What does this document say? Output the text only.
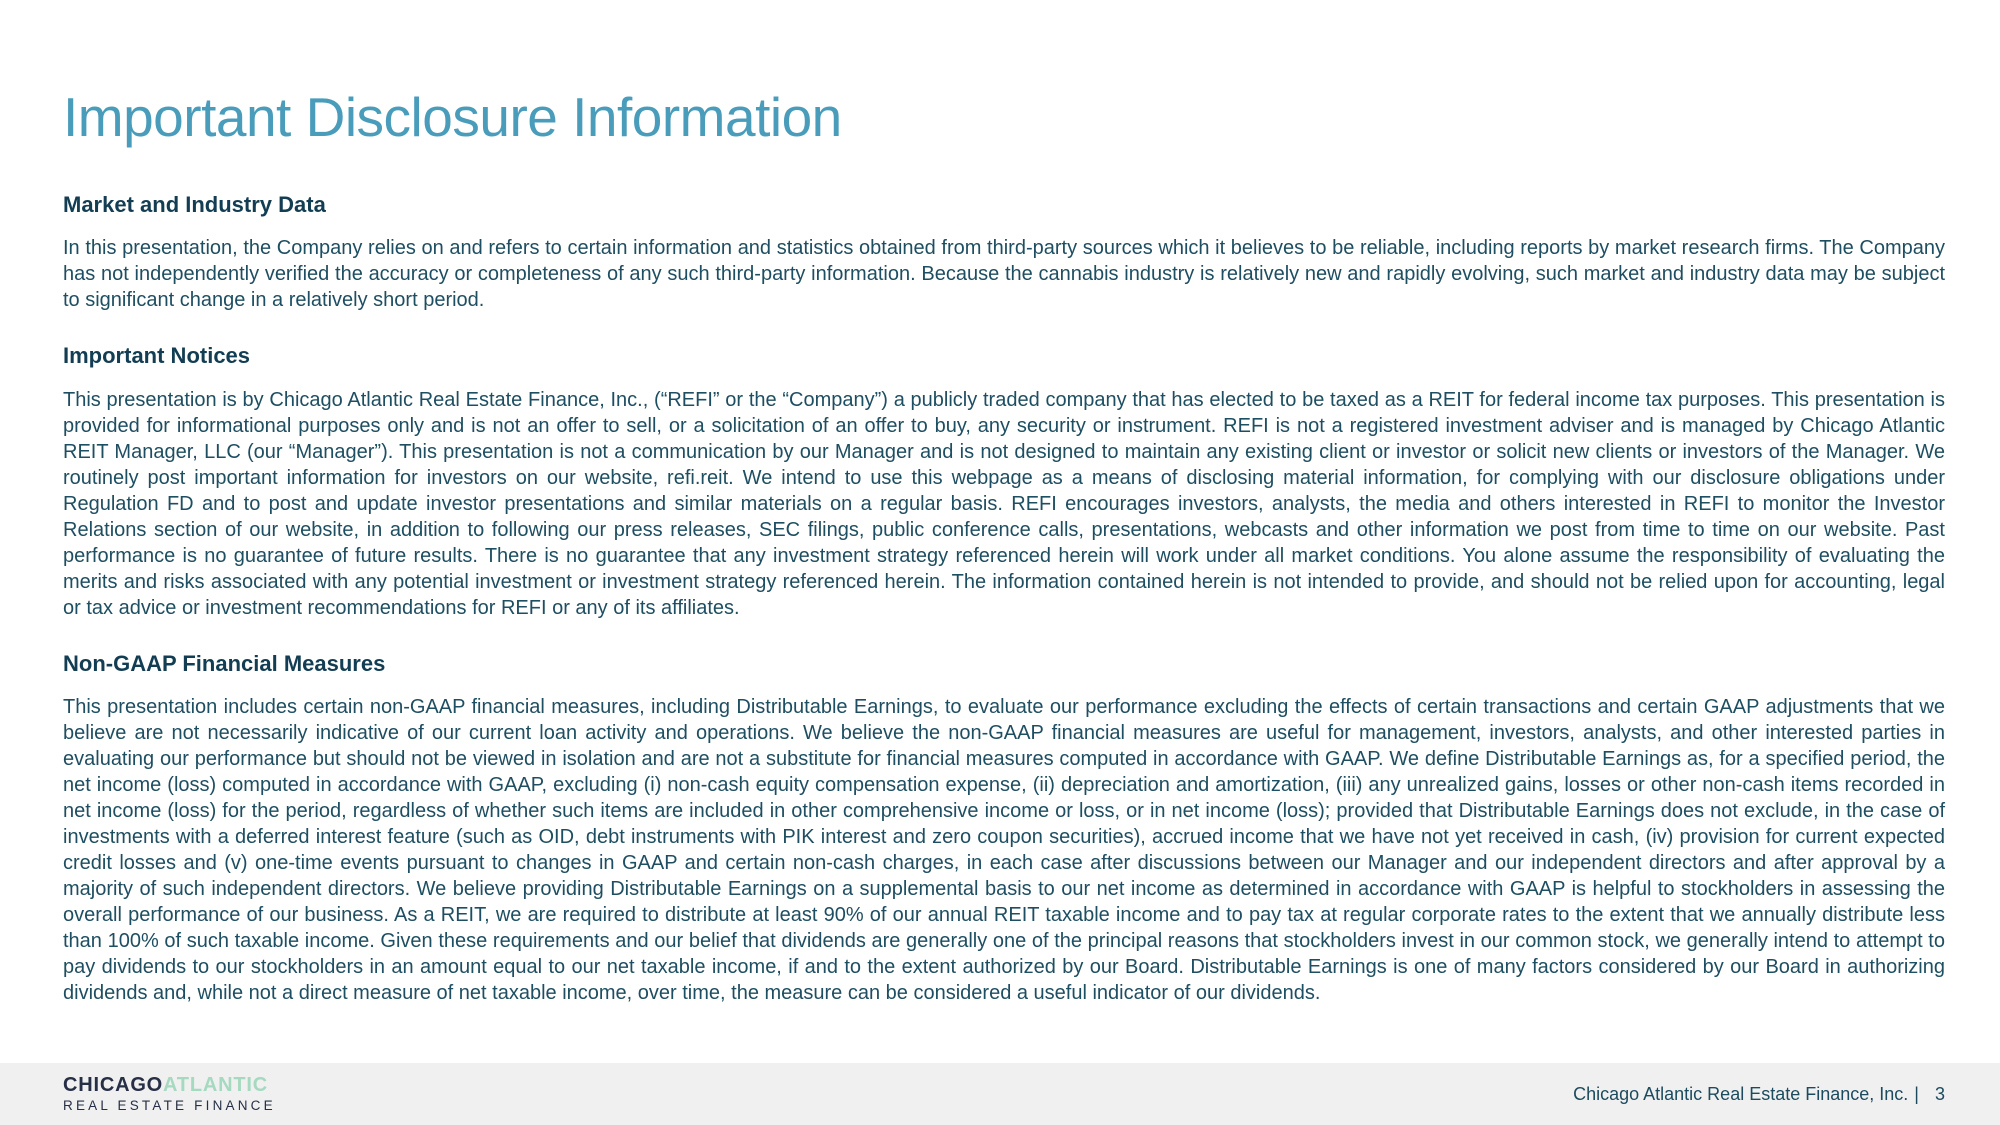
Important Disclosure Information
Market and Industry Data

In this presentation, the Company relies on and refers to certain information and statistics obtained from third-party sources which it believes to be reliable, including reports by market research firms. The Company has not independently verified the accuracy or completeness of any such third-party information. Because the cannabis industry is relatively new and rapidly evolving, such market and industry data may be subject to significant change in a relatively short period.

Important Notices

This presentation is by Chicago Atlantic Real Estate Finance, Inc., (“REFI” or the “Company”) a publicly traded company that has elected to be taxed as a REIT for federal income tax purposes. This presentation is provided for informational purposes only and is not an offer to sell, or a solicitation of an offer to buy, any security or instrument. REFI is not a registered investment adviser and is managed by Chicago Atlantic REIT Manager, LLC (our “Manager”). This presentation is not a communication by our Manager and is not designed to maintain any existing client or investor or solicit new clients or investors of the Manager. We routinely post important information for investors on our website, refi.reit. We intend to use this webpage as a means of disclosing material information, for complying with our disclosure obligations under Regulation FD and to post and update investor presentations and similar materials on a regular basis. REFI encourages investors, analysts, the media and others interested in REFI to monitor the Investor Relations section of our website, in addition to following our press releases, SEC filings, public conference calls, presentations, webcasts and other information we post from time to time on our website. Past performance is no guarantee of future results. There is no guarantee that any investment strategy referenced herein will work under all market conditions. You alone assume the responsibility of evaluating the merits and risks associated with any potential investment or investment strategy referenced herein. The information contained herein is not intended to provide, and should not be relied upon for accounting, legal or tax advice or investment recommendations for REFI or any of its affiliates.

Non-GAAP Financial Measures

This presentation includes certain non-GAAP financial measures, including Distributable Earnings, to evaluate our performance excluding the effects of certain transactions and certain GAAP adjustments that we believe are not necessarily indicative of our current loan activity and operations. We believe the non-GAAP financial measures are useful for management, investors, analysts, and other interested parties in evaluating our performance but should not be viewed in isolation and are not a substitute for financial measures computed in accordance with GAAP. We define Distributable Earnings as, for a specified period, the net income (loss) computed in accordance with GAAP, excluding (i) non-cash equity compensation expense, (ii) depreciation and amortization, (iii) any unrealized gains, losses or other non-cash items recorded in net income (loss) for the period, regardless of whether such items are included in other comprehensive income or loss, or in net income (loss); provided that Distributable Earnings does not exclude, in the case of investments with a deferred interest feature (such as OID, debt instruments with PIK interest and zero coupon securities), accrued income that we have not yet received in cash, (iv) provision for current expected credit losses and (v) one-time events pursuant to changes in GAAP and certain non-cash charges, in each case after discussions between our Manager and our independent directors and after approval by a majority of such independent directors. We believe providing Distributable Earnings on a supplemental basis to our net income as determined in accordance with GAAP is helpful to stockholders in assessing the overall performance of our business. As a REIT, we are required to distribute at least 90% of our annual REIT taxable income and to pay tax at regular corporate rates to the extent that we annually distribute less than 100% of such taxable income. Given these requirements and our belief that dividends are generally one of the principal reasons that stockholders invest in our common stock, we generally intend to attempt to pay dividends to our stockholders in an amount equal to our net taxable income, if and to the extent authorized by our Board. Distributable Earnings is one of many factors considered by our Board in authorizing dividends and, while not a direct measure of net taxable income, over time, the measure can be considered a useful indicator of our dividends.

CHICAGOATLANTIC
REAL ESTATE FINANCE
Chicago Atlantic Real Estate Finance, Inc. | 3
